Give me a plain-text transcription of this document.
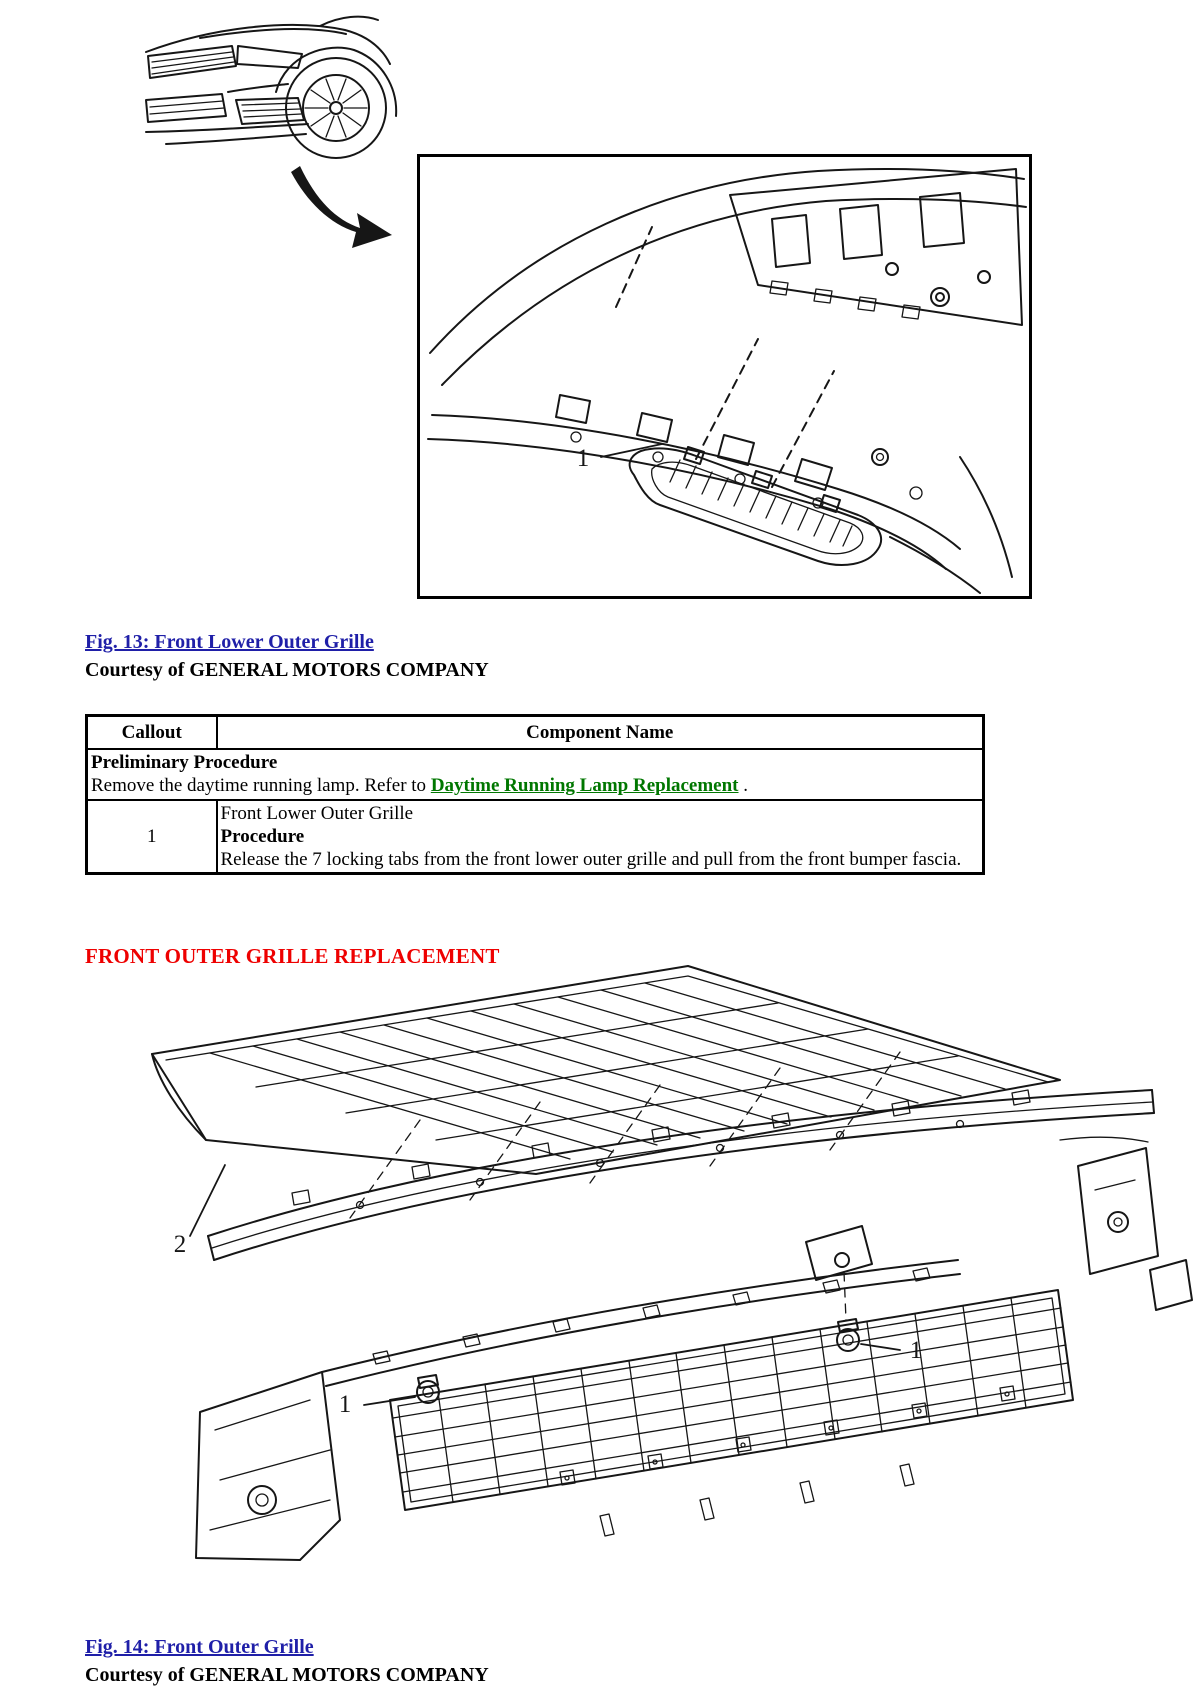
1
Fig. 13: Front Lower Outer Grille
Courtesy of GENERAL MOTORS COMPANY
Callout	Component Name

Preliminary Procedure
Remove the daytime running lamp. Refer to Daytime Running Lamp Replacement .	

1	Front Lower Outer Grille
Procedure
Release the 7 locking tabs from the front lower outer grille and pull from the front bumper fascia.
FRONT OUTER GRILLE REPLACEMENT
2
1
1
Fig. 14: Front Outer Grille
Courtesy of GENERAL MOTORS COMPANY
